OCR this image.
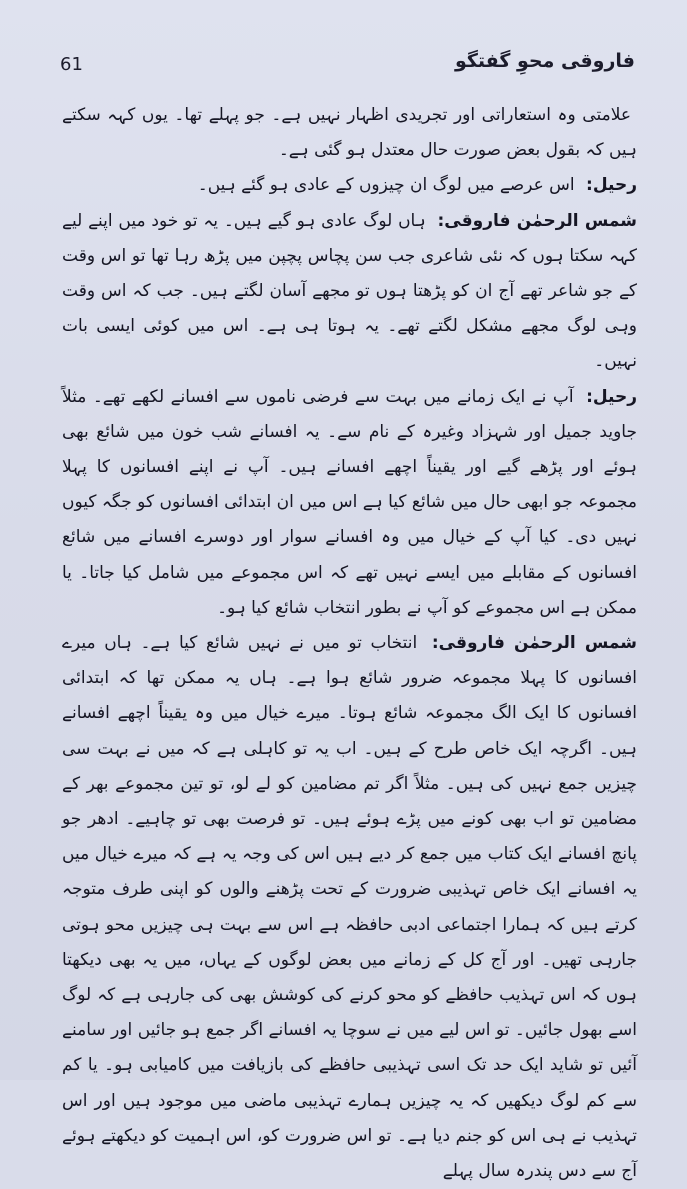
61	فاروقی محوِ گفتگو

علامتی وہ استعاراتی اور تجریدی اظہار نہیں ہے۔ جو پہلے تھا۔ یوں کہہ سکتے ہیں کہ بقول بعض صورت حال معتدل ہو گئی ہے۔

رحیل: اس عرصے میں لوگ ان چیزوں کے عادی ہو گئے ہیں۔

شمس الرحمٰن فاروقی: ہاں لوگ عادی ہو گیے ہیں۔ یہ تو خود میں اپنے لیے کہہ سکتا ہوں کہ نئی شاعری جب سن پچاس پچپن میں پڑھ رہا تھا تو اس وقت کے جو شاعر تھے آج ان کو پڑھتا ہوں تو مجھے آسان لگتے ہیں۔ جب کہ اس وقت وہی لوگ مجھے مشکل لگتے تھے۔ یہ ہوتا ہی ہے۔ اس میں کوئی ایسی بات نہیں۔

رحیل: آپ نے ایک زمانے میں بہت سے فرضی ناموں سے افسانے لکھے تھے۔ مثلاً جاوید جمیل اور شہزاد وغیرہ کے نام سے۔ یہ افسانے شب خون میں شائع بھی ہوئے اور پڑھے گیے اور یقیناً اچھے افسانے ہیں۔ آپ نے اپنے افسانوں کا پہلا مجموعہ جو ابھی حال میں شائع کیا ہے اس میں ان ابتدائی افسانوں کو جگہ کیوں نہیں دی۔ کیا آپ کے خیال میں وہ افسانے سوار اور دوسرے افسانے میں شائع افسانوں کے مقابلے میں ایسے نہیں تھے کہ اس مجموعے میں شامل کیا جاتا۔ یا ممکن ہے اس مجموعے کو آپ نے بطور انتخاب شائع کیا ہو۔

شمس الرحمٰن فاروقی: انتخاب تو میں نے نہیں شائع کیا ہے۔ ہاں میرے افسانوں کا پہلا مجموعہ ضرور شائع ہوا ہے۔ ہاں یہ ممکن تھا کہ ابتدائی افسانوں کا ایک الگ مجموعہ شائع ہوتا۔ میرے خیال میں وہ یقیناً اچھے افسانے ہیں۔ اگرچہ ایک خاص طرح کے ہیں۔ اب یہ تو کاہلی ہے کہ میں نے بہت سی چیزیں جمع نہیں کی ہیں۔ مثلاً اگر تم مضامین کو لے لو، تو تین مجموعے بھر کے مضامین تو اب بھی کونے میں پڑے ہوئے ہیں۔ تو فرصت بھی تو چاہیے۔ ادھر جو پانچ افسانے ایک کتاب میں جمع کر دیے ہیں اس کی وجہ یہ ہے کہ میرے خیال میں یہ افسانے ایک خاص تہذیبی ضرورت کے تحت پڑھنے والوں کو اپنی طرف متوجہ کرتے ہیں کہ ہمارا اجتماعی ادبی حافظہ ہے اس سے بہت ہی چیزیں محو ہوتی جارہی تھیں۔ اور آج کل کے زمانے میں بعض لوگوں کے یہاں، میں یہ بھی دیکھتا ہوں کہ اس تہذیب حافظے کو محو کرنے کی کوشش بھی کی جارہی ہے کہ لوگ اسے بھول جائیں۔ تو اس لیے میں نے سوچا یہ افسانے اگر جمع ہو جائیں اور سامنے آئیں تو شاید ایک حد تک اسی تہذیبی حافظے کی بازیافت میں کامیابی ہو۔ یا کم سے کم لوگ دیکھیں کہ یہ چیزیں ہمارے تہذیبی ماضی میں موجود ہیں اور اس تہذیب نے ہی اس کو جنم دیا ہے۔ تو اس ضرورت کو، اس اہمیت کو دیکھتے ہوئے آج سے دس پندرہ سال پہلے
